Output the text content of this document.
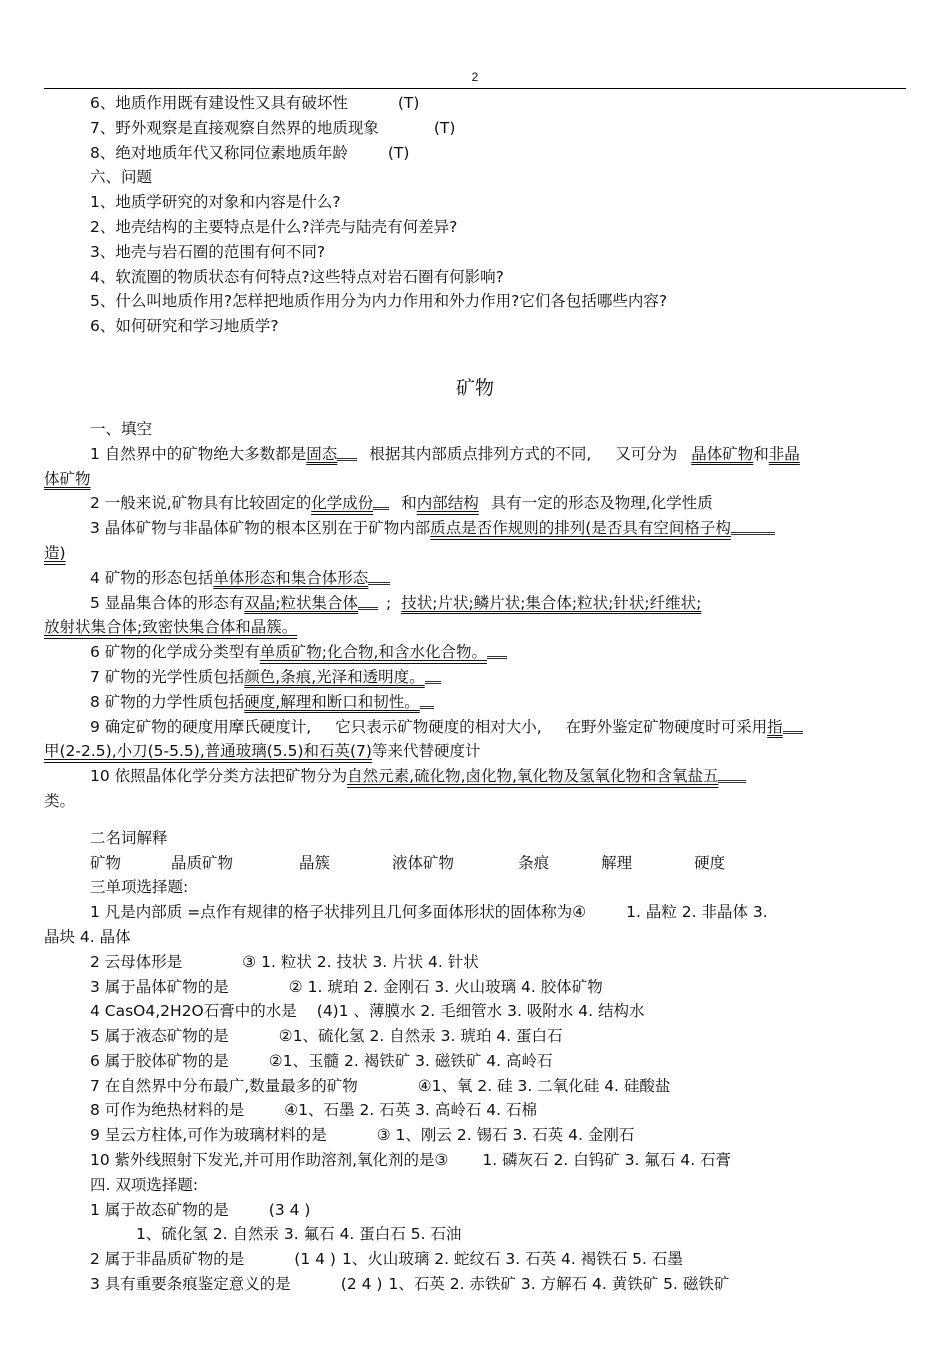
2
6、地质作用既有建设性又具有破坏性	(T)
7、野外观察是直接观察自然界的地质现象	(T)
8、绝对地质年代又称同位素地质年龄	(T)
六、问题
1、地质学研究的对象和内容是什么?
2、地壳结构的主要特点是什么?洋壳与陆壳有何差异?
3、地壳与岩石圈的范围有何不同?
4、软流圈的物质状态有何特点?这些特点对岩石圈有何影响?
5、什么叫地质作用?怎样把地质作用分为内力作用和外力作用?它们各包括哪些内容?
6、如何研究和学习地质学?
矿物
一、填空
1 自然界中的矿物绝大多数都是固态 根据其内部质点排列方式的不同, 又可分为 晶体矿物和非晶
体矿物
2 一般来说,矿物具有比较固定的化学成份 和内部结构 具有一定的形态及物理,化学性质
3 晶体矿物与非晶体矿物的根本区别在于矿物内部质点是否作规则的排列(是否具有空间格子构
造)
4 矿物的形态包括单体形态和集合体形态
5 显晶集合体的形态有双晶;粒状集合体 ; 技状;片状;鳞片状;集合体;粒状;针状;纤维状;
放射状集合体;致密快集合体和晶簇。
6 矿物的化学成分类型有单质矿物;化合物,和含水化合物。
7 矿物的光学性质包括颜色,条痕,光泽和透明度。
8 矿物的力学性质包括硬度,解理和断口和韧性。
9 确定矿物的硬度用摩氏硬度计, 它只表示矿物硬度的相对大小, 在野外鉴定矿物硬度时可采用指
甲(2-2.5),小刀(5-5.5),普通玻璃(5.5)和石英(7)等来代替硬度计
10 依照晶体化学分类方法把矿物分为自然元素,硫化物,卤化物,氧化物及氢氧化物和含氧盐五
类。
二名词解释
矿物	晶质矿物	晶簇	液体矿物	条痕	解理	硬度
三单项选择题:
1 凡是内部质 =点作有规律的格子状排列且几何多面体形状的固体称为④	1. 晶粒 2. 非晶体 3.
晶块 4. 晶体
2 云母体形是	③ 1. 粒状 2. 技状 3. 片状 4. 针状
3 属于晶体矿物的是	② 1. 琥珀 2. 金刚石 3. 火山玻璃 4. 胶体矿物
4 CasO4,2H2O石膏中的水是 (4)1 、薄膜水 2. 毛细管水 3. 吸附水 4. 结构水
5 属于液态矿物的是	②1、硫化氢 2. 自然汞 3. 琥珀 4. 蛋白石
6 属于胶体矿物的是	②1、玉髓 2. 褐铁矿 3. 磁铁矿 4. 高岭石
7 在自然界中分布最广,数量最多的矿物	④1、氧 2. 硅 3. 二氧化硅 4. 硅酸盐
8 可作为绝热材料的是	④1、石墨 2. 石英 3. 高岭石 4. 石棉
9 呈云方柱体,可作为玻璃材料的是	③ 1、刚云 2. 锡石 3. 石英 4. 金刚石
10 紫外线照射下发光,并可用作助溶剂,氧化剂的是③ 1. 磷灰石 2. 白钨矿 3. 氟石 4. 石膏
四. 双项选择题:
1 属于故态矿物的是	(3 4 )
1、硫化氢 2. 自然汞 3. 氟石 4. 蛋白石 5. 石油
2 属于非晶质矿物的是	(1 4 ) 1、火山玻璃 2. 蛇纹石 3. 石英 4. 褐铁石 5. 石墨
3 具有重要条痕鉴定意义的是	(2 4 ) 1、石英 2. 赤铁矿 3. 方解石 4. 黄铁矿 5. 磁铁矿
